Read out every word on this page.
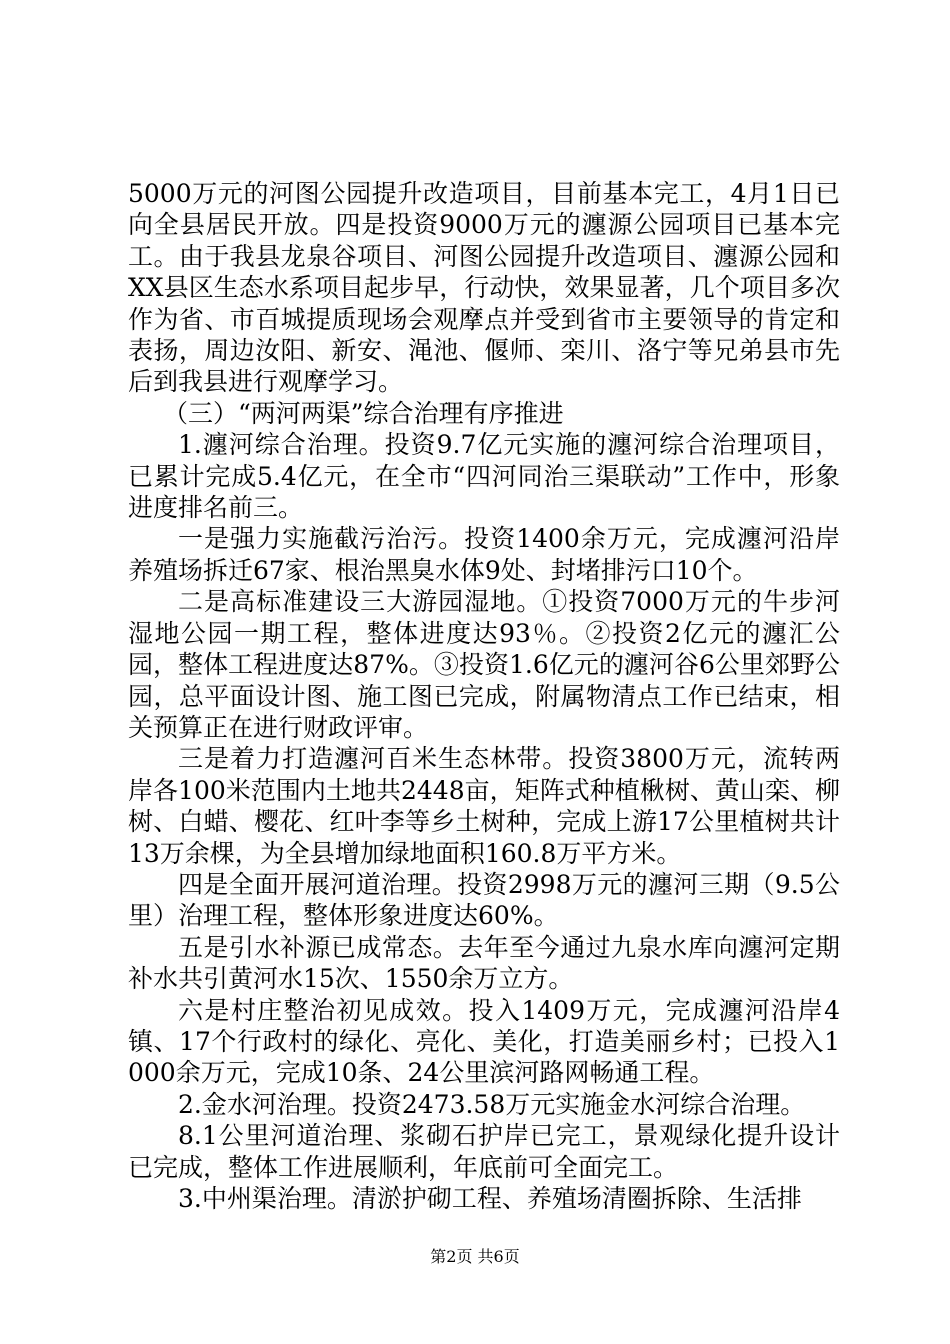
5000万元的河图公园提升改造项目，目前基本完工，4月1日已向全县居民开放。四是投资9000万元的瀍源公园项目已基本完工。由于我县龙泉谷项目、河图公园提升改造项目、瀍源公园和XX县区生态水系项目起步早，行动快，效果显著，几个项目多次作为省、市百城提质现场会观摩点并受到省市主要领导的肯定和表扬，周边汝阳、新安、渑池、偃师、栾川、洛宁等兄弟县市先后到我县进行观摩学习。

（三）“两河两渠”综合治理有序推进

1.瀍河综合治理。投资9.7亿元实施的瀍河综合治理项目，已累计完成5.4亿元，在全市“四河同治三渠联动”工作中，形象进度排名前三。

一是强力实施截污治污。投资1400余万元，完成瀍河沿岸养殖场拆迁67家、根治黑臭水体9处、封堵排污口10个。

二是高标准建设三大游园湿地。①投资7000万元的牛步河湿地公园一期工程，整体进度达93％。②投资2亿元的瀍汇公园，整体工程进度达87%。③投资1.6亿元的瀍河谷6公里郊野公园，总平面设计图、施工图已完成，附属物清点工作已结束，相关预算正在进行财政评审。

三是着力打造瀍河百米生态林带。投资3800万元，流转两岸各100米范围内土地共2448亩，矩阵式种植楸树、黄山栾、柳树、白蜡、樱花、红叶李等乡土树种，完成上游17公里植树共计13万余棵，为全县增加绿地面积160.8万平方米。

四是全面开展河道治理。投资2998万元的瀍河三期（9.5公里）治理工程，整体形象进度达60%。

五是引水补源已成常态。去年至今通过九泉水库向瀍河定期补水共引黄河水15次、1550余万立方。

六是村庄整治初见成效。投入1409万元，完成瀍河沿岸4镇、17个行政村的绿化、亮化、美化，打造美丽乡村；已投入1000余万元，完成10条、24公里滨河路网畅通工程。

2.金水河治理。投资2473.58万元实施金水河综合治理。

8.1公里河道治理、浆砌石护岸已完工，景观绿化提升设计已完成，整体工作进展顺利，年底前可全面完工。

3.中州渠治理。清淤护砌工程、养殖场清圈拆除、生活排

第2页 共6页
